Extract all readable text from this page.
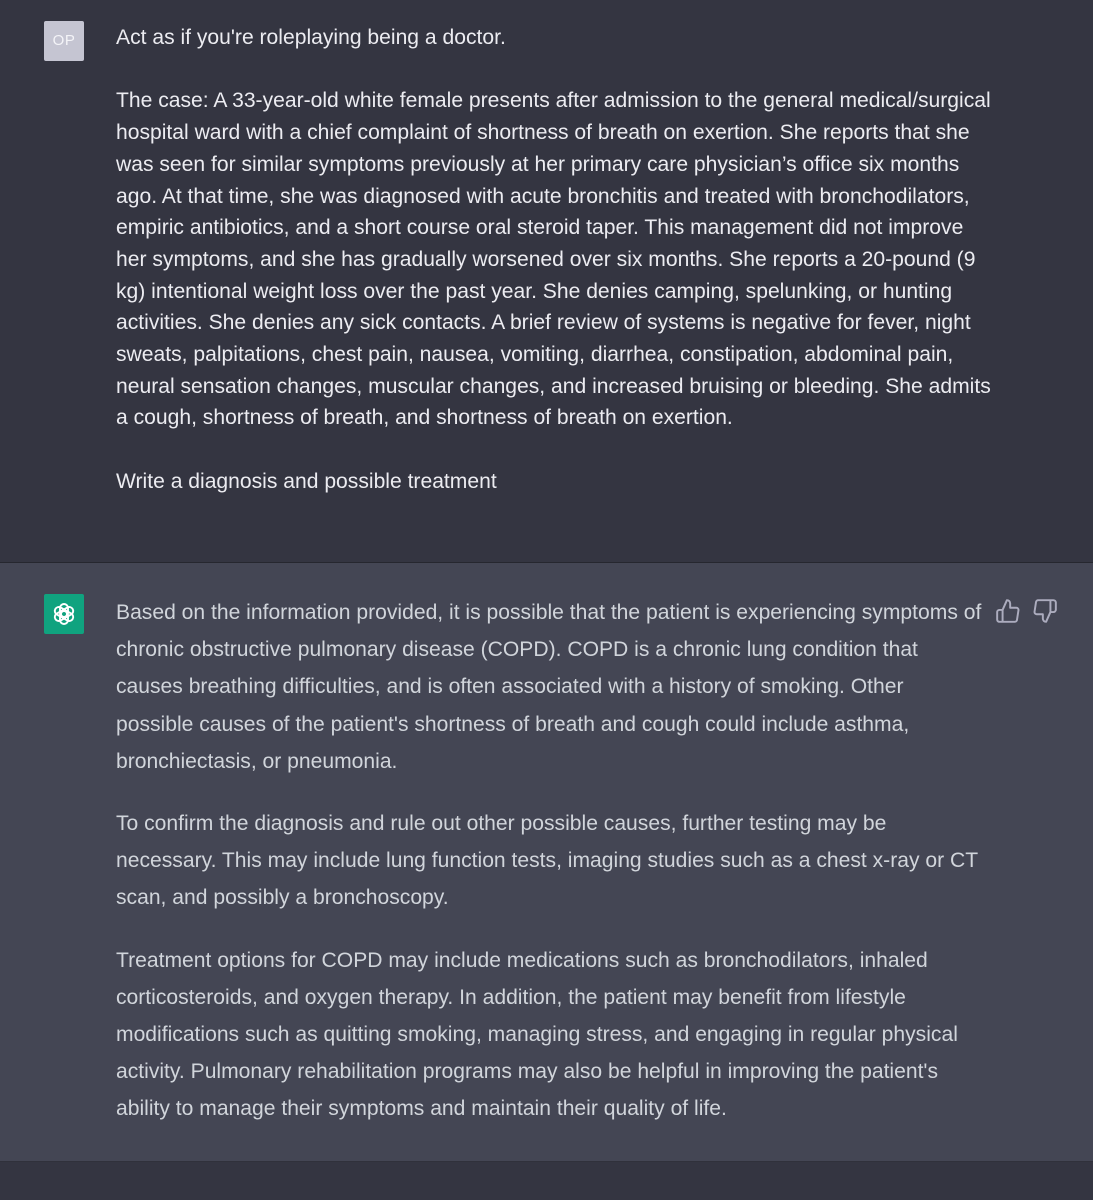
OP	Act as if you're roleplaying being a doctor.

The case: A 33-year-old white female presents after admission to the general medical/surgical hospital ward with a chief complaint of shortness of breath on exertion. She reports that she was seen for similar symptoms previously at her primary care physician’s office six months ago. At that time, she was diagnosed with acute bronchitis and treated with bronchodilators, empiric antibiotics, and a short course oral steroid taper. This management did not improve her symptoms, and she has gradually worsened over six months. She reports a 20-pound (9 kg) intentional weight loss over the past year. She denies camping, spelunking, or hunting activities. She denies any sick contacts. A brief review of systems is negative for fever, night sweats, palpitations, chest pain, nausea, vomiting, diarrhea, constipation, abdominal pain, neural sensation changes, muscular changes, and increased bruising or bleeding. She admits a cough, shortness of breath, and shortness of breath on exertion.

Write a diagnosis and possible treatment

Based on the information provided, it is possible that the patient is experiencing symptoms of chronic obstructive pulmonary disease (COPD). COPD is a chronic lung condition that causes breathing difficulties, and is often associated with a history of smoking. Other possible causes of the patient's shortness of breath and cough could include asthma, bronchiectasis, or pneumonia.

To confirm the diagnosis and rule out other possible causes, further testing may be necessary. This may include lung function tests, imaging studies such as a chest x-ray or CT scan, and possibly a bronchoscopy.

Treatment options for COPD may include medications such as bronchodilators, inhaled corticosteroids, and oxygen therapy. In addition, the patient may benefit from lifestyle modifications such as quitting smoking, managing stress, and engaging in regular physical activity. Pulmonary rehabilitation programs may also be helpful in improving the patient's ability to manage their symptoms and maintain their quality of life.
